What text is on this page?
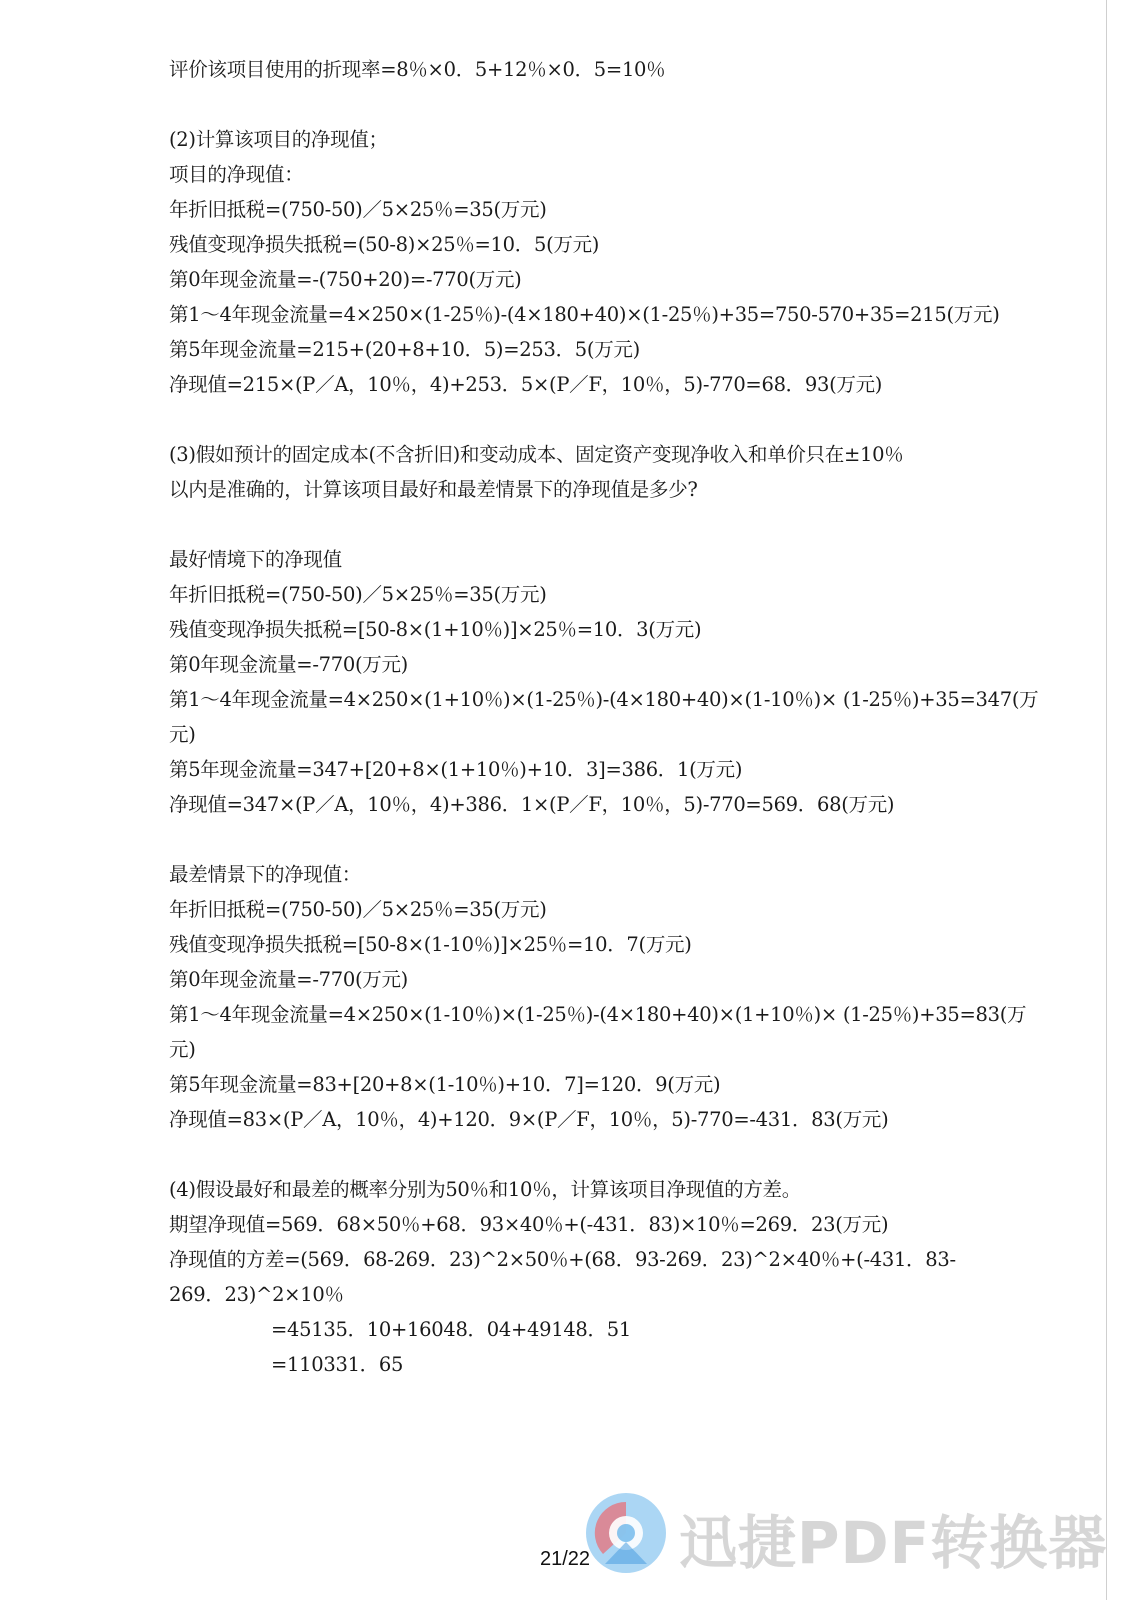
评价该项目使用的折现率=8％×0．5+12％×0．5=10％
(2)计算该项目的净现值；
项目的净现值：
年折旧抵税=(750-50)／5×25％=35(万元)
残值变现净损失抵税=(50-8)×25％=10．5(万元)
第0年现金流量=-(750+20)=-770(万元)
第1～4年现金流量=4×250×(1-25％)-(4×180+40)×(1-25％)+35=750-570+35=215(万元)
第5年现金流量=215+(20+8+10．5)=253．5(万元)
净现值=215×(P／A，10％，4)+253．5×(P／F，10％，5)-770=68．93(万元)
(3)假如预计的固定成本(不含折旧)和变动成本、固定资产变现净收入和单价只在±10％
以内是准确的，计算该项目最好和最差情景下的净现值是多少?
最好情境下的净现值
年折旧抵税=(750-50)／5×25％=35(万元)
残值变现净损失抵税=[50-8×(1+10％)]×25％=10．3(万元)
第0年现金流量=-770(万元)
第1～4年现金流量=4×250×(1+10％)×(1-25％)-(4×180+40)×(1-10％)× (1-25％)+35=347(万
元)
第5年现金流量=347+[20+8×(1+10％)+10．3]=386．1(万元)
净现值=347×(P／A，10％，4)+386．1×(P／F，10％，5)-770=569．68(万元)
最差情景下的净现值：
年折旧抵税=(750-50)／5×25％=35(万元)
残值变现净损失抵税=[50-8×(1-10％)]×25％=10．7(万元)
第0年现金流量=-770(万元)
第1～4年现金流量=4×250×(1-10％)×(1-25％)-(4×180+40)×(1+10％)× (1-25％)+35=83(万
元)
第5年现金流量=83+[20+8×(1-10％)+10．7]=120．9(万元)
净现值=83×(P／A，10％，4)+120．9×(P／F，10％，5)-770=-431．83(万元)
(4)假设最好和最差的概率分别为50％和10％，计算该项目净现值的方差。
期望净现值=569．68×50％+68．93×40％+(-431．83)×10％=269．23(万元)
净现值的方差=(569．68-269．23)^2×50％+(68．93-269．23)^2×40％+(-431．83-
269．23)^2×10％
=45135．10+16048．04+49148．51
=110331．65
迅捷PDF转换器
21/22
